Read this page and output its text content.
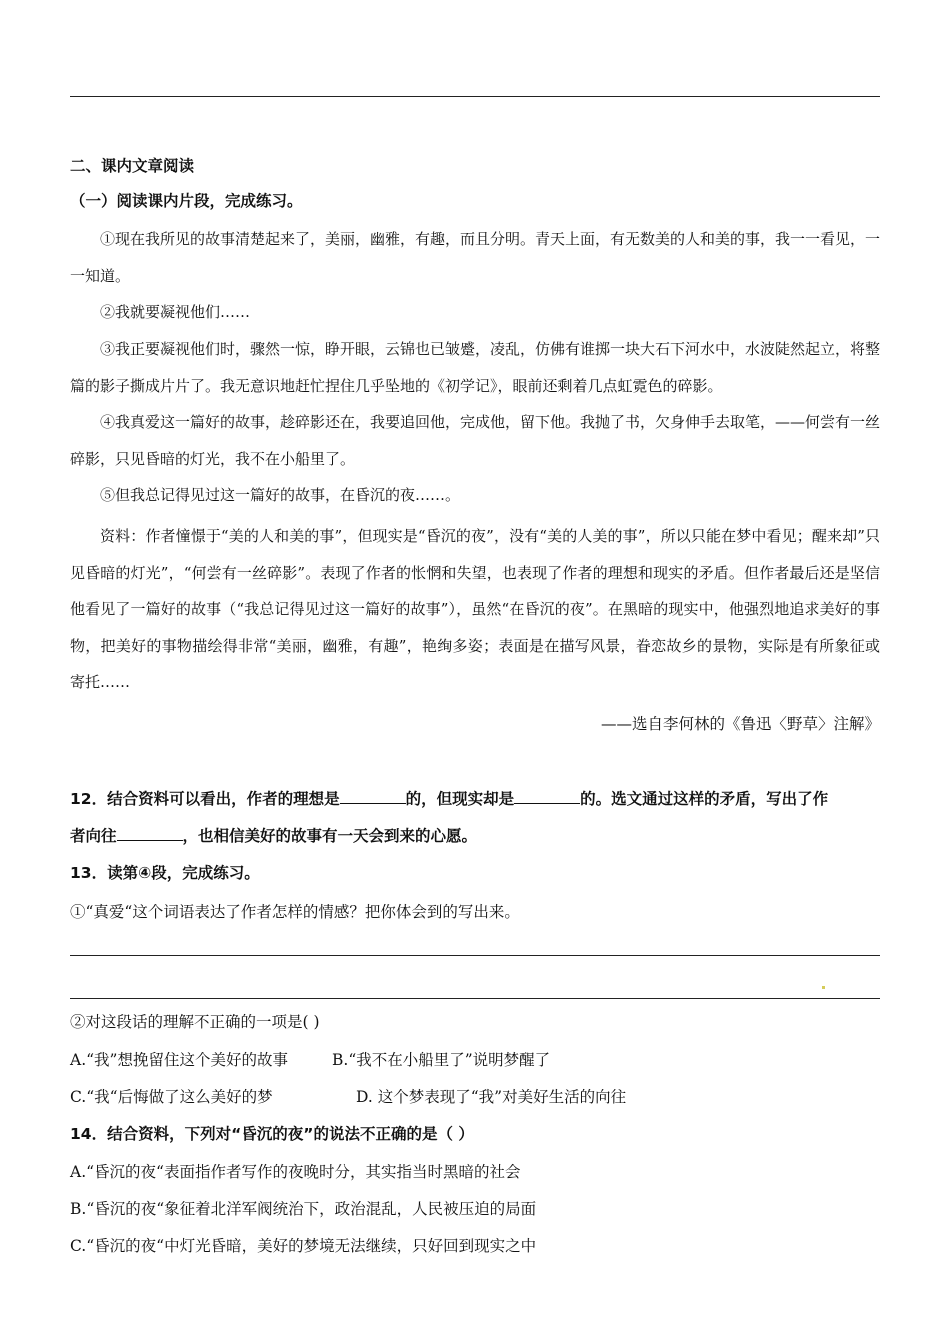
二、课内文章阅读
（一）阅读课内片段，完成练习。
①现在我所见的故事清楚起来了，美丽，幽雅，有趣，而且分明。青天上面，有无数美的人和美的事，我一一看见，一一知道。
②我就要凝视他们……
③我正要凝视他们时，骤然一惊，睁开眼，云锦也已皱蹙，凌乱，仿佛有谁掷一块大石下河水中，水波陡然起立，将整篇的影子撕成片片了。我无意识地赶忙捏住几乎坠地的《初学记》，眼前还剩着几点虹霓色的碎影。
④我真爱这一篇好的故事，趁碎影还在，我要追回他，完成他，留下他。我抛了书，欠身伸手去取笔，——何尝有一丝碎影，只见昏暗的灯光，我不在小船里了。
⑤但我总记得见过这一篇好的故事，在昏沉的夜……。
资料：作者憧憬于“美的人和美的事”，但现实是“昏沉的夜”，没有“美的人美的事”，所以只能在梦中看见；醒来却”只见昏暗的灯光”，“何尝有一丝碎影”。表现了作者的怅惘和失望，也表现了作者的理想和现实的矛盾。但作者最后还是坚信他看见了一篇好的故事（“我总记得见过这一篇好的故事”），虽然“在昏沉的夜”。在黑暗的现实中，他强烈地追求美好的事物，把美好的事物描绘得非常“美丽，幽雅，有趣”，艳绚多姿；表面是在描写风景，眷恋故乡的景物，实际是有所象征或寄托……
——选自李何林的《鲁迅〈野草〉注解》
12．结合资料可以看出，作者的理想是	的，但现实却是	的。选文通过这样的矛盾，写出了作
者向往	，也相信美好的故事有一天会到来的心愿。
13．读第④段，完成练习。
①“真爱“这个词语表达了作者怎样的情感？把你体会到的写出来。
②对这段话的理解不正确的一项是( )
A.“我”想挽留住这个美好的故事	B.“我不在小船里了”说明梦醒了
C.“我“后悔做了这么美好的梦	D. 这个梦表现了“我”对美好生活的向往
14．结合资料，下列对“昏沉的夜”的说法不正确的是（ ）
A.“昏沉的夜“表面指作者写作的夜晚时分，其实指当时黑暗的社会
B.“昏沉的夜“象征着北洋军阀统治下，政治混乱，人民被压迫的局面
C.“昏沉的夜“中灯光昏暗，美好的梦境无法继续，只好回到现实之中
